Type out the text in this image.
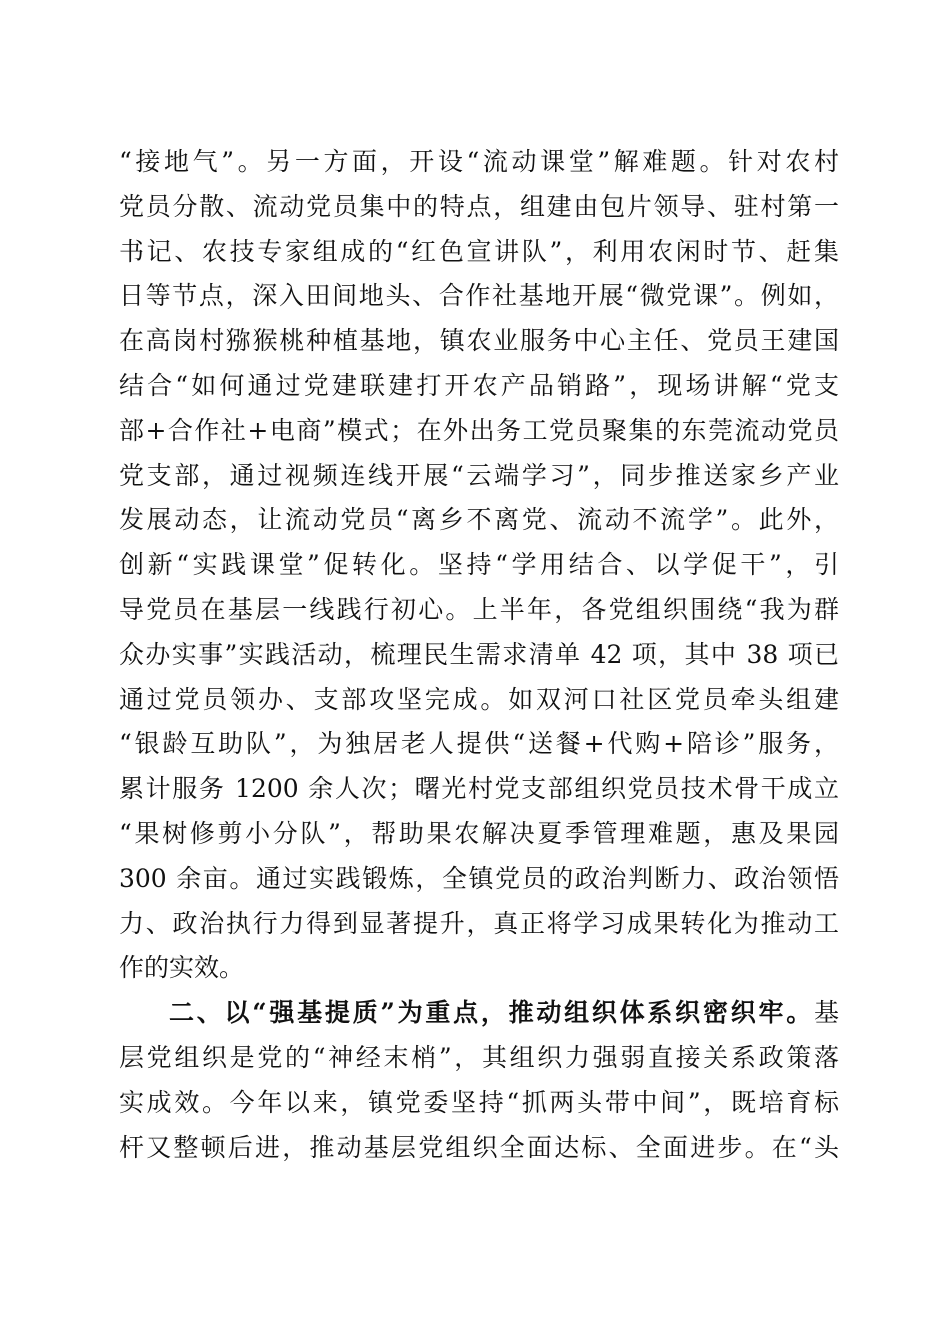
“接地气”。另一方面，开设“流动课堂”解难题。针对农村
党员分散、流动党员集中的特点，组建由包片领导、驻村第一
书记、农技专家组成的“红色宣讲队”，利用农闲时节、赶集
日等节点，深入田间地头、合作社基地开展“微党课”。例如，
在高岗村猕猴桃种植基地，镇农业服务中心主任、党员王建国
结合“如何通过党建联建打开农产品销路”，现场讲解“党支
部+合作社+电商”模式；在外出务工党员聚集的东莞流动党员
党支部，通过视频连线开展“云端学习”，同步推送家乡产业
发展动态，让流动党员“离乡不离党、流动不流学”。此外，
创新“实践课堂”促转化。坚持“学用结合、以学促干”，引
导党员在基层一线践行初心。上半年，各党组织围绕“我为群
众办实事”实践活动，梳理民生需求清单 42 项，其中 38 项已
通过党员领办、支部攻坚完成。如双河口社区党员牵头组建
“银龄互助队”，为独居老人提供“送餐+代购+陪诊”服务，
累计服务 1200 余人次；曙光村党支部组织党员技术骨干成立
“果树修剪小分队”，帮助果农解决夏季管理难题，惠及果园
300 余亩。通过实践锻炼，全镇党员的政治判断力、政治领悟
力、政治执行力得到显著提升，真正将学习成果转化为推动工
作的实效。
二、以“强基提质”为重点，推动组织体系织密织牢。基
层党组织是党的“神经末梢”，其组织力强弱直接关系政策落
实成效。今年以来，镇党委坚持“抓两头带中间”，既培育标
杆又整顿后进，推动基层党组织全面达标、全面进步。在“头
